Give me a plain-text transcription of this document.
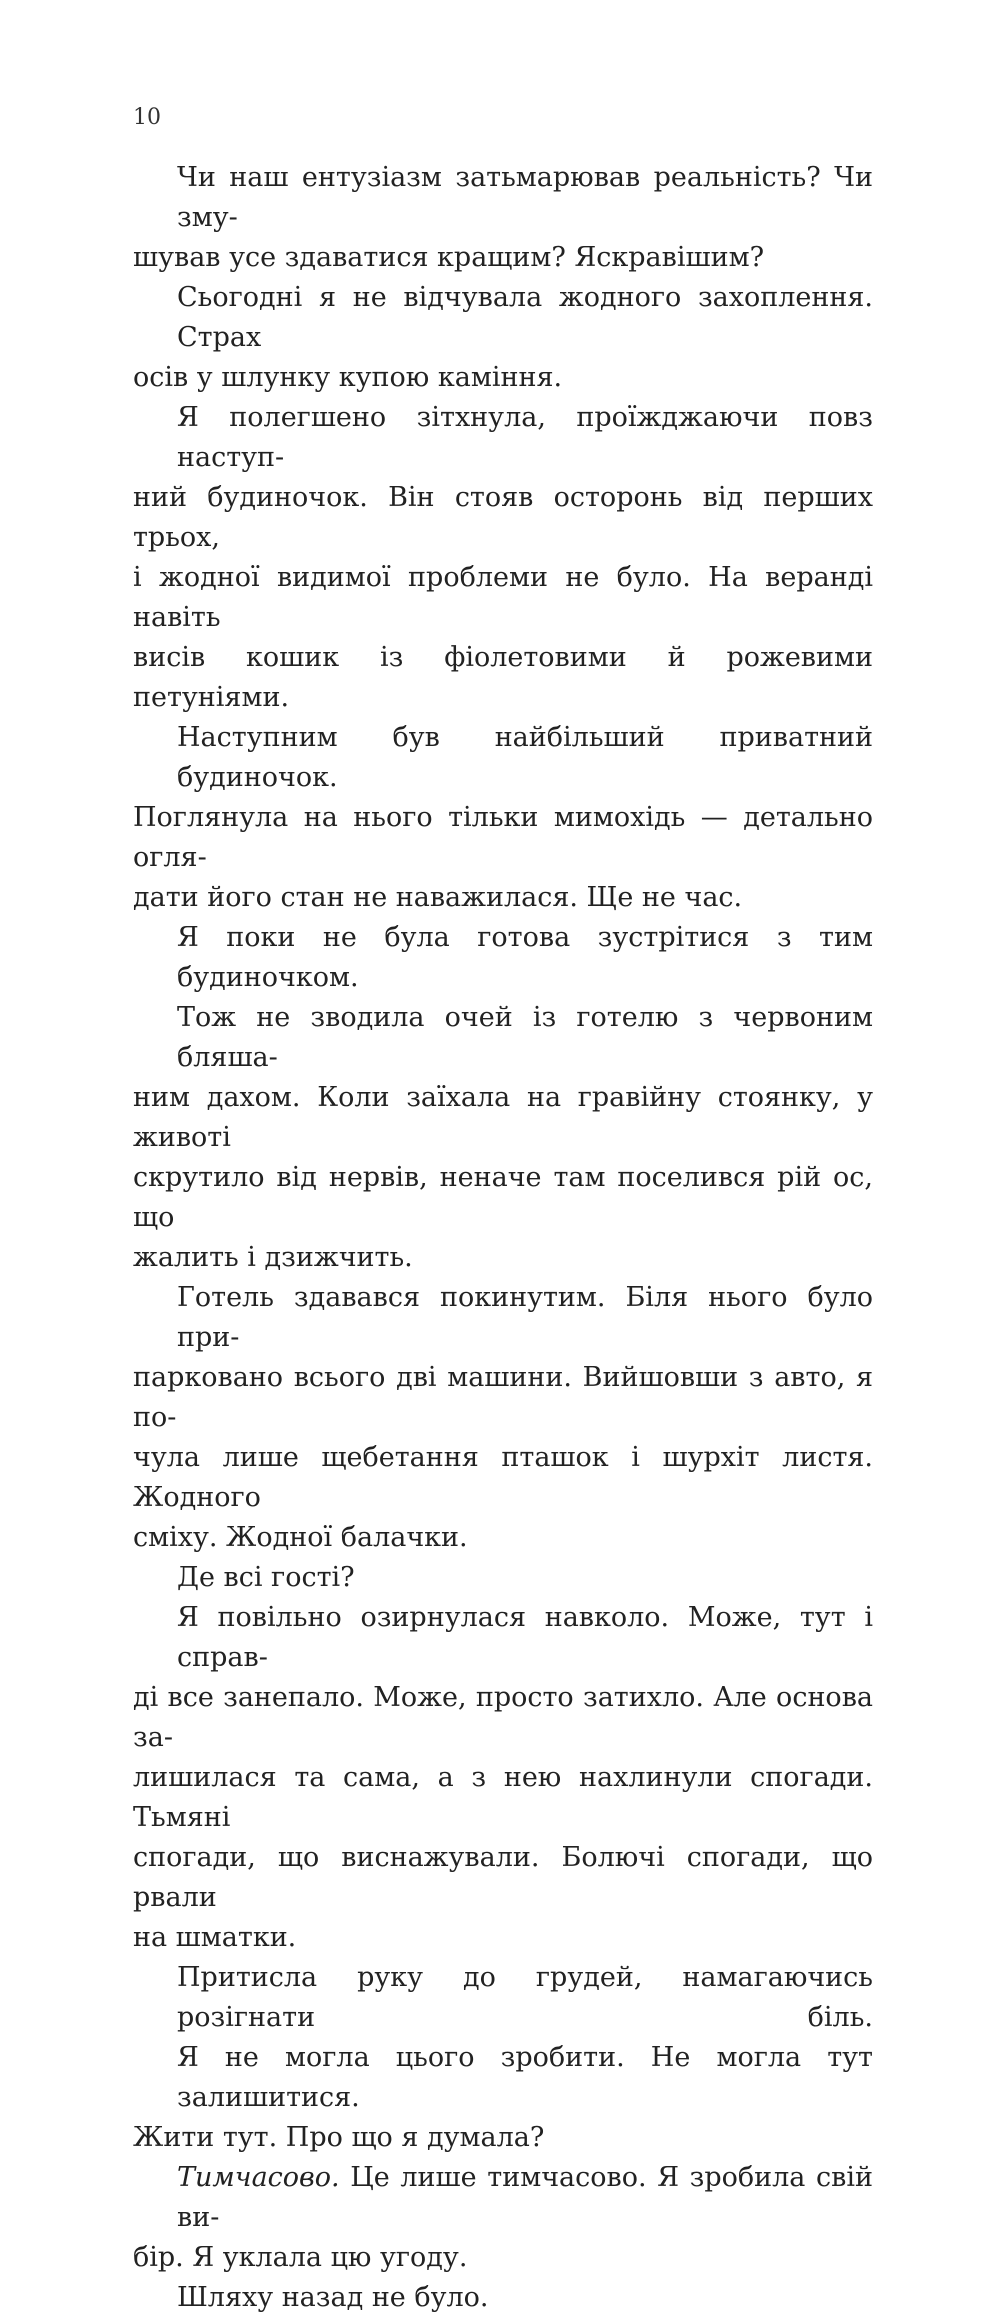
10

Чи наш ентузіазм затьмарював реальність? Чи зму-
шував усе здаватися кращим? Яскравішим?

Сьогодні я не відчувала жодного захоплення. Страх
осів у шлунку купою каміння.

Я полегшено зітхнула, проїжджаючи повз наступ-
ний будиночок. Він стояв осторонь від перших трьох,
і жодної видимої проблеми не було. На веранді навіть
висів кошик із фіолетовими й рожевими петуніями.

Наступним був найбільший приватний будиночок.
Поглянула на нього тільки мимохідь — детально огля-
дати його стан не наважилася. Ще не час.

Я поки не була готова зустрітися з тим будиночком.

Тож не зводила очей із готелю з червоним бляша-
ним дахом. Коли заїхала на гравійну стоянку, у животі
скрутило від нервів, неначе там поселився рій ос, що
жалить і дзижчить.

Готель здавався покинутим. Біля нього було при-
парковано всього дві машини. Вийшовши з авто, я по-
чула лише щебетання пташок і шурхіт листя. Жодного
сміху. Жодної балачки.

Де всі гості?

Я повільно озирнулася навколо. Може, тут і справ-
ді все занепало. Може, просто затихло. Але основа за-
лишилася та сама, а з нею нахлинули спогади. Тьмяні
спогади, що виснажували. Болючі спогади, що рвали
на шматки.

Притисла руку до грудей, намагаючись розігнати біль.

Я не могла цього зробити. Не могла тут залишитися.
Жити тут. Про що я думала?

Тимчасово. Це лише тимчасово. Я зробила свій ви-
бір. Я уклала цю угоду.

Шляху назад не було.
